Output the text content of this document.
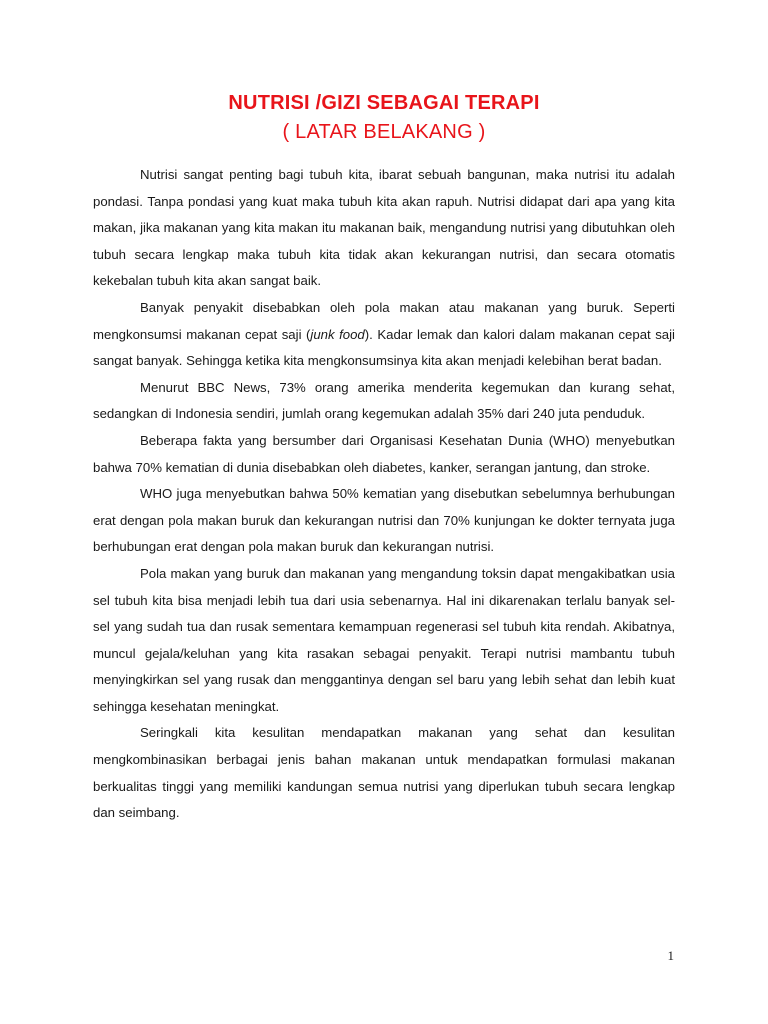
NUTRISI /GIZI SEBAGAI TERAPI
( LATAR BELAKANG )

Nutrisi sangat penting bagi tubuh kita, ibarat sebuah bangunan, maka nutrisi itu adalah pondasi. Tanpa pondasi yang kuat maka tubuh kita akan rapuh. Nutrisi didapat dari apa yang kita makan, jika makanan yang kita makan itu makanan baik, mengandung nutrisi yang dibutuhkan oleh tubuh secara lengkap maka tubuh kita tidak akan kekurangan nutrisi, dan secara otomatis kekebalan tubuh kita akan sangat baik.

Banyak penyakit disebabkan oleh pola makan atau makanan yang buruk. Seperti mengkonsumsi makanan cepat saji (junk food). Kadar lemak dan kalori dalam makanan cepat saji sangat banyak. Sehingga ketika kita mengkonsumsinya kita akan menjadi kelebihan berat badan.

Menurut BBC News, 73% orang amerika menderita kegemukan dan kurang sehat, sedangkan di Indonesia sendiri, jumlah orang kegemukan adalah 35% dari 240 juta penduduk.

Beberapa fakta yang bersumber dari Organisasi Kesehatan Dunia (WHO) menyebutkan bahwa 70% kematian di dunia disebabkan oleh diabetes, kanker, serangan jantung, dan stroke.

WHO juga menyebutkan bahwa 50% kematian yang disebutkan sebelumnya berhubungan erat dengan pola makan buruk dan kekurangan nutrisi dan 70% kunjungan ke dokter ternyata juga berhubungan erat dengan pola makan buruk dan kekurangan nutrisi.

Pola makan yang buruk dan makanan yang mengandung toksin dapat mengakibatkan usia sel tubuh kita bisa menjadi lebih tua dari usia sebenarnya. Hal ini dikarenakan terlalu banyak sel-sel yang sudah tua dan rusak sementara kemampuan regenerasi sel tubuh kita rendah. Akibatnya, muncul gejala/keluhan yang kita rasakan sebagai penyakit. Terapi nutrisi mambantu tubuh menyingkirkan sel yang rusak dan menggantinya dengan sel baru yang lebih sehat dan lebih kuat sehingga kesehatan meningkat.

Seringkali kita kesulitan mendapatkan makanan yang sehat dan kesulitan mengkombinasikan berbagai jenis bahan makanan untuk mendapatkan formulasi makanan berkualitas tinggi yang memiliki kandungan semua nutrisi yang diperlukan tubuh secara lengkap dan seimbang.

1
